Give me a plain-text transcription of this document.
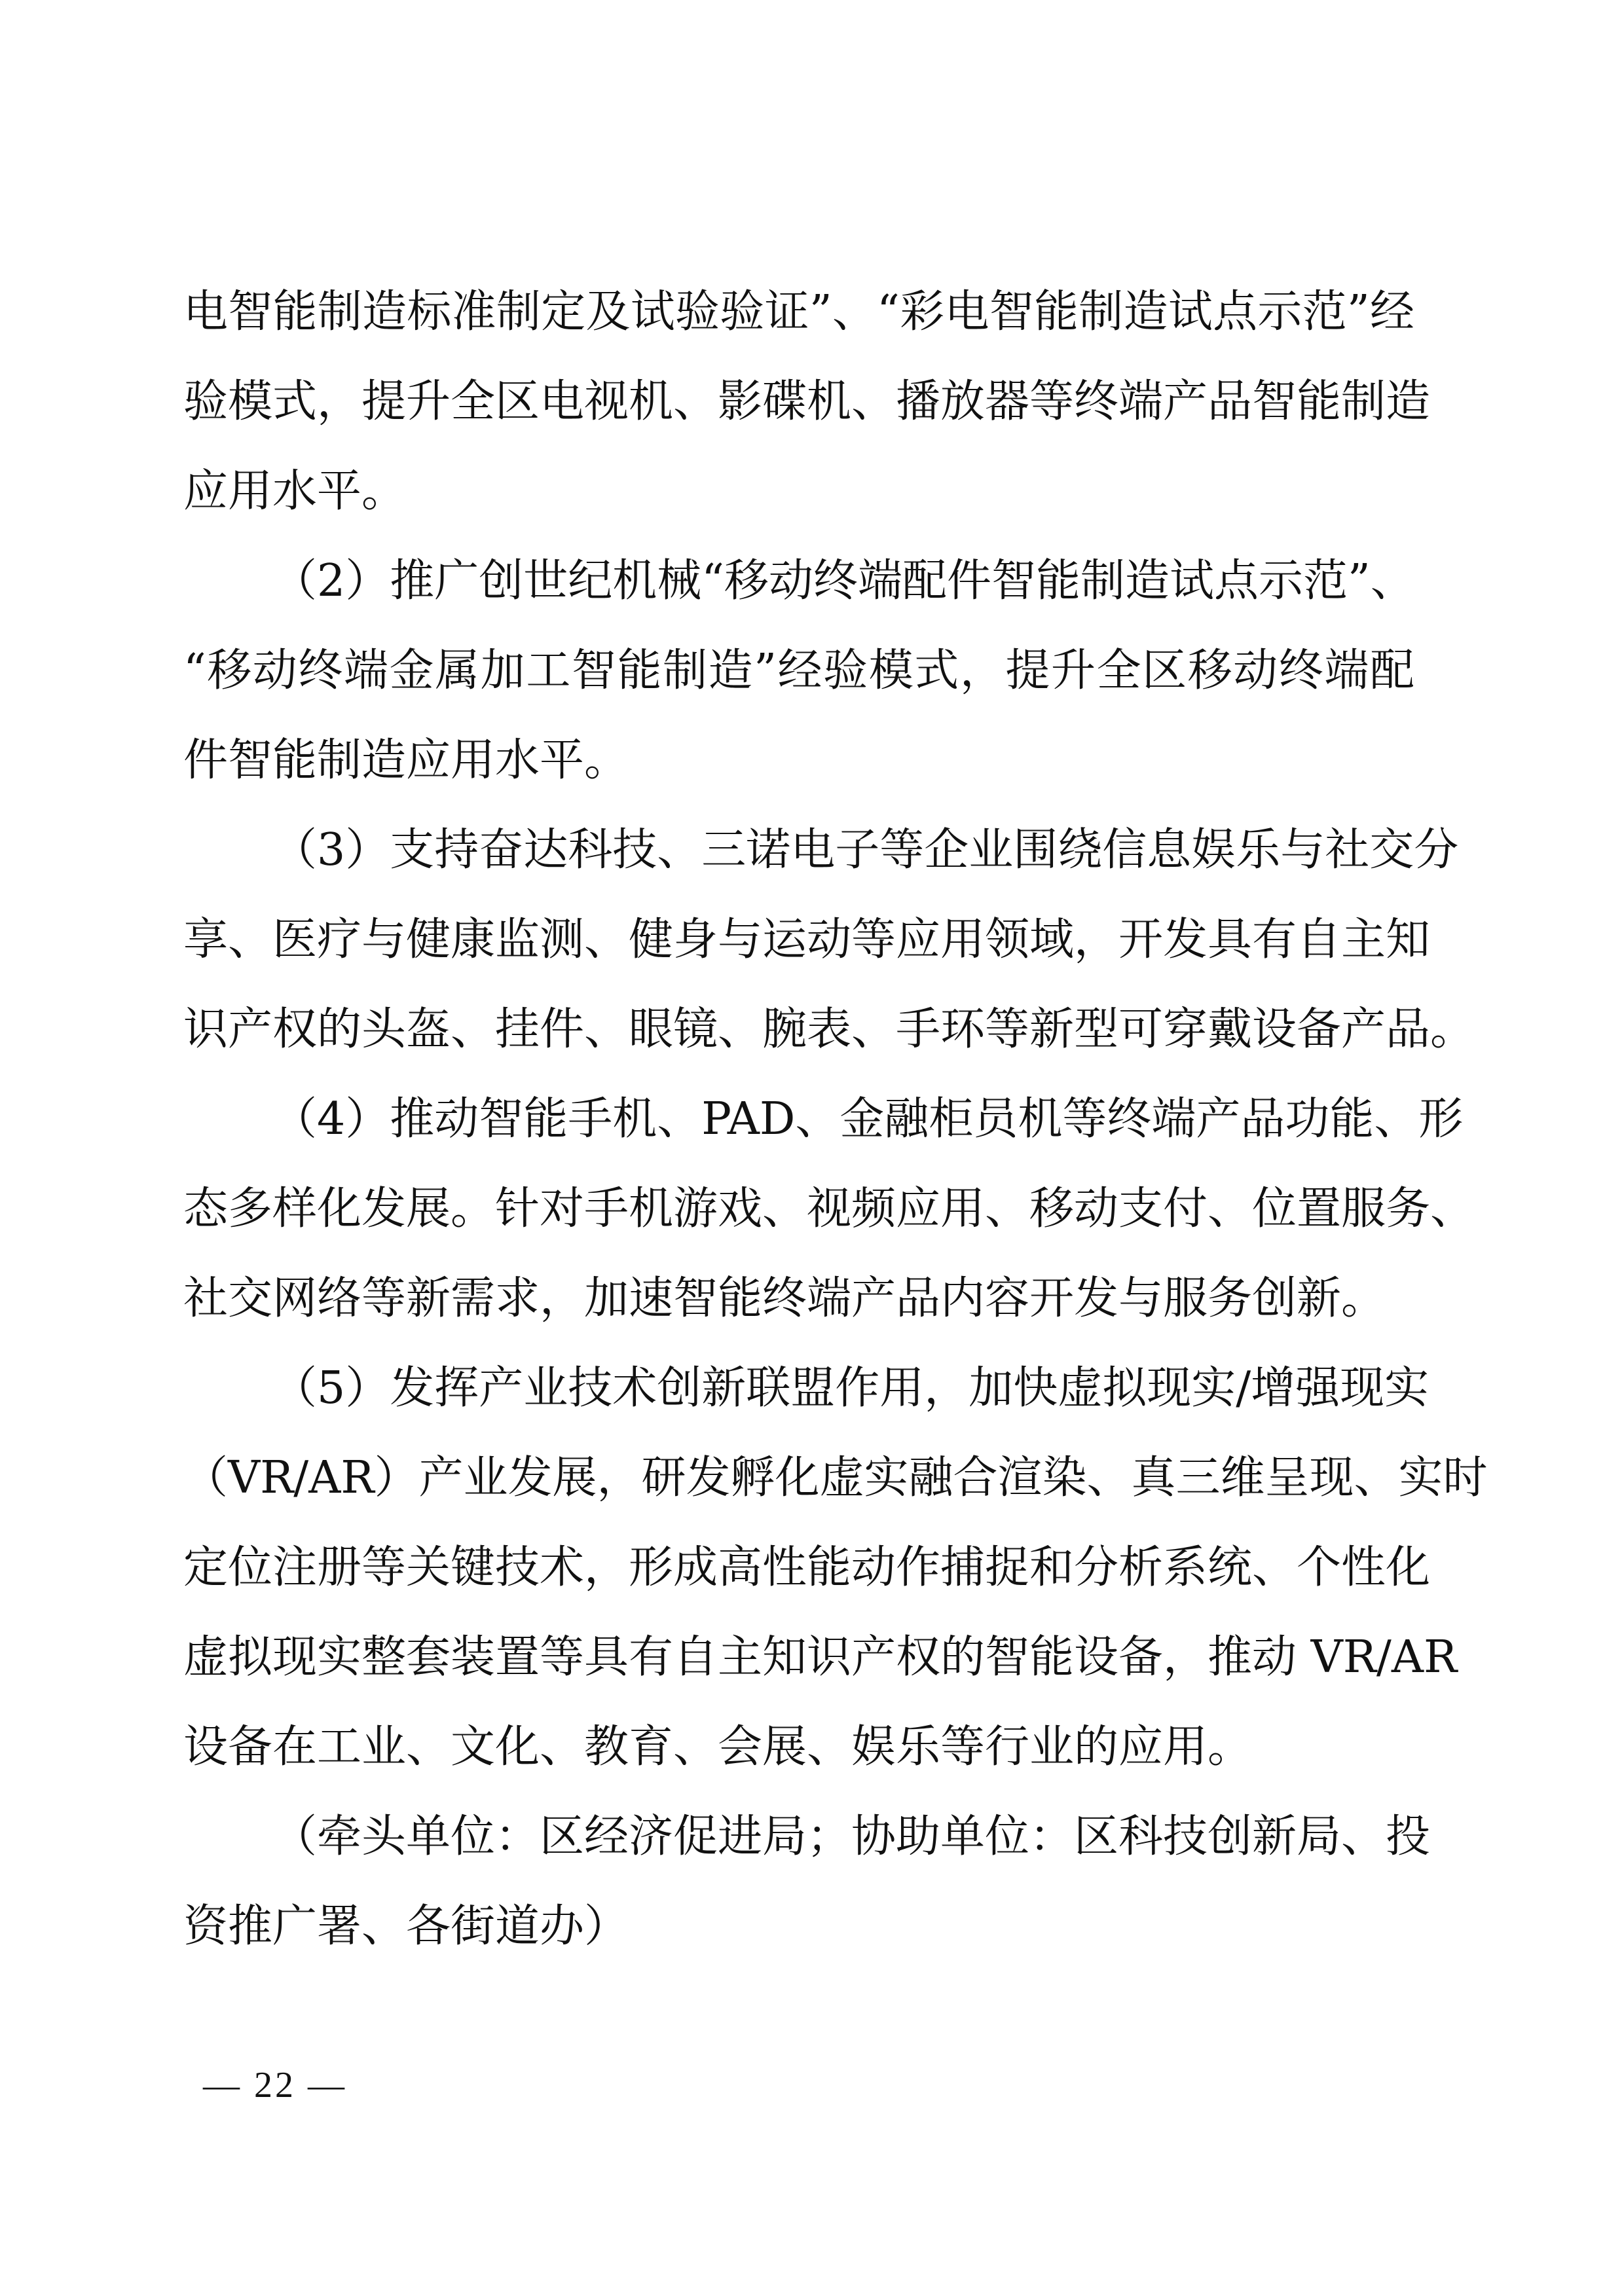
电智能制造标准制定及试验验证”、“彩电智能制造试点示范”经
验模式，提升全区电视机、影碟机、播放器等终端产品智能制造
应用水平。
（2）推广创世纪机械“移动终端配件智能制造试点示范”、
“移动终端金属加工智能制造”经验模式，提升全区移动终端配
件智能制造应用水平。
（3）支持奋达科技、三诺电子等企业围绕信息娱乐与社交分
享、医疗与健康监测、健身与运动等应用领域，开发具有自主知
识产权的头盔、挂件、眼镜、腕表、手环等新型可穿戴设备产品。
（4）推动智能手机、PAD、金融柜员机等终端产品功能、形
态多样化发展。针对手机游戏、视频应用、移动支付、位置服务、
社交网络等新需求，加速智能终端产品内容开发与服务创新。
（5）发挥产业技术创新联盟作用，加快虚拟现实/增强现实
（VR/AR）产业发展，研发孵化虚实融合渲染、真三维呈现、实时
定位注册等关键技术，形成高性能动作捕捉和分析系统、个性化
虚拟现实整套装置等具有自主知识产权的智能设备，推动 VR/AR
设备在工业、文化、教育、会展、娱乐等行业的应用。
（牵头单位：区经济促进局；协助单位：区科技创新局、投
资推广署、各街道办）
— 22 —
